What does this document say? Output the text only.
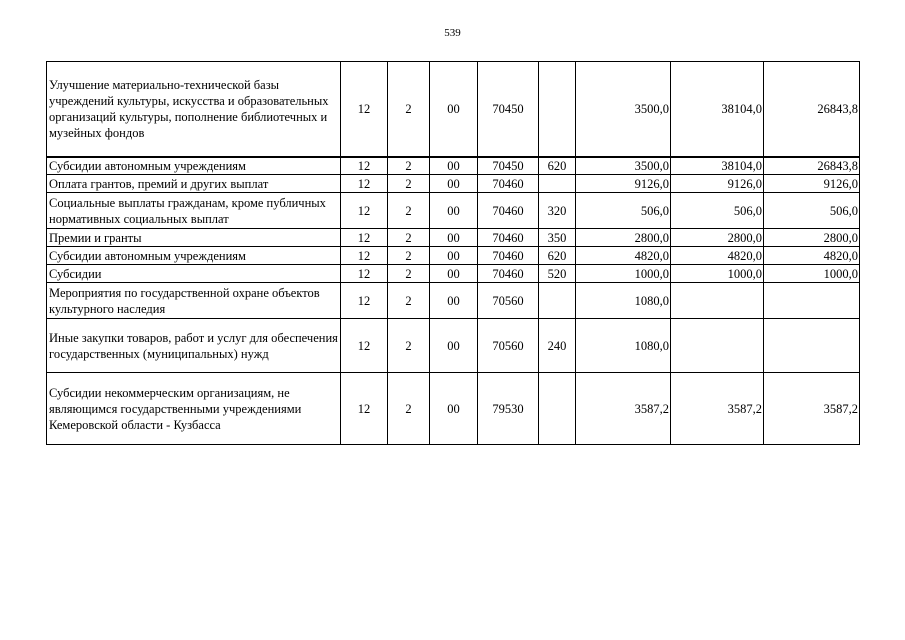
539
Улучшение материально-технической базы учреждений культуры, искусства и образовательных организаций культуры, пополнение библиотечных и музейных фондов	12	2	00	70450		3500,0	38104,0	26843,8
Субсидии автономным учреждениям	12	2	00	70450	620	3500,0	38104,0	26843,8
Оплата грантов, премий и других выплат	12	2	00	70460		9126,0	9126,0	9126,0
Социальные выплаты гражданам, кроме публичных нормативных социальных выплат	12	2	00	70460	320	506,0	506,0	506,0
Премии и гранты	12	2	00	70460	350	2800,0	2800,0	2800,0
Субсидии автономным учреждениям	12	2	00	70460	620	4820,0	4820,0	4820,0
Субсидии	12	2	00	70460	520	1000,0	1000,0	1000,0
Мероприятия по государственной охране объектов культурного наследия	12	2	00	70560		1080,0		
Иные закупки товаров, работ и услуг для обеспечения государственных (муниципальных) нужд	12	2	00	70560	240	1080,0		
Субсидии некоммерческим организациям, не являющимся государственными учреждениями Кемеровской области - Кузбасса	12	2	00	79530		3587,2	3587,2	3587,2
